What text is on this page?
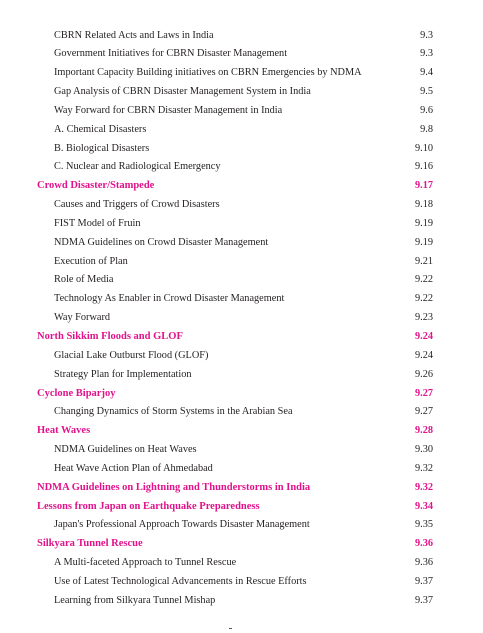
CBRN Related Acts and Laws in India	9.3
Government Initiatives for CBRN Disaster Management	9.3
Important Capacity Building initiatives on CBRN Emergencies by NDMA	9.4
Gap Analysis of CBRN Disaster Management System in India	9.5
Way Forward for CBRN Disaster Management in India	9.6
A. Chemical Disasters	9.8
B. Biological Disasters	9.10
C. Nuclear and Radiological Emergency	9.16
Crowd Disaster/Stampede	9.17
Causes and Triggers of Crowd Disasters	9.18
FIST Model of Fruin	9.19
NDMA Guidelines on Crowd Disaster Management	9.19
Execution of Plan	9.21
Role of Media	9.22
Technology As Enabler in Crowd Disaster Management	9.22
Way Forward	9.23
North Sikkim Floods and GLOF	9.24
Glacial Lake Outburst Flood (GLOF)	9.24
Strategy Plan for Implementation	9.26
Cyclone Biparjoy	9.27
Changing Dynamics of Storm Systems in the Arabian Sea	9.27
Heat Waves	9.28
NDMA Guidelines on Heat Waves	9.30
Heat Wave Action Plan of Ahmedabad	9.32
NDMA Guidelines on Lightning and Thunderstorms in India	9.32
Lessons from Japan on Earthquake Preparedness	9.34
Japan's Professional Approach Towards Disaster Management	9.35
Silkyara Tunnel Rescue	9.36
A Multi-faceted Approach to Tunnel Rescue	9.36
Use of Latest Technological Advancements in Rescue Efforts	9.37
Learning from Silkyara Tunnel Mishap	9.37
